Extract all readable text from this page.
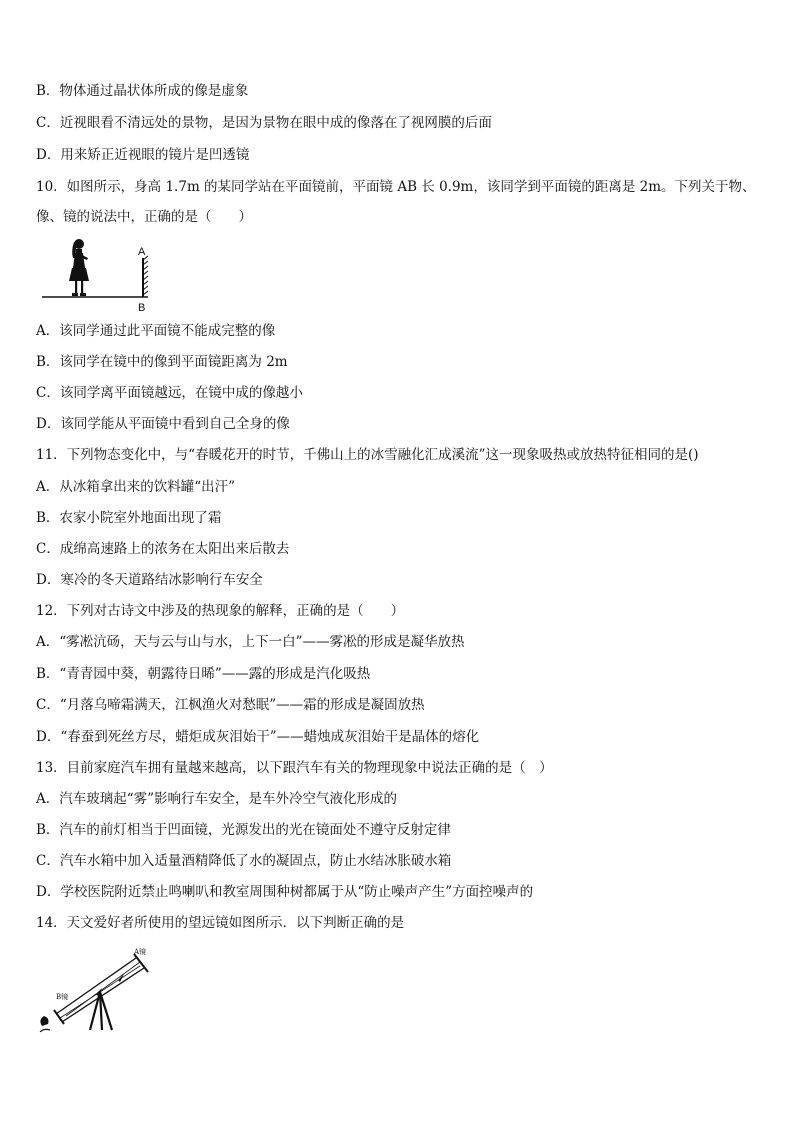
B．物体通过晶状体所成的像是虚象
C．近视眼看不清远处的景物，是因为景物在眼中成的像落在了视网膜的后面
D．用来矫正近视眼的镜片是凹透镜
10．如图所示，身高 1.7m 的某同学站在平面镜前，平面镜 AB 长 0.9m，该同学到平面镜的距离是 2m。下列关于物、
像、镜的说法中，正确的是（　　）
A
B
A．该同学通过此平面镜不能成完整的像
B．该同学在镜中的像到平面镜距离为 2m
C．该同学离平面镜越远，在镜中成的像越小
D．该同学能从平面镜中看到自己全身的像
11．下列物态变化中，与“春暖花开的时节，千佛山上的冰雪融化汇成溪流”这一现象吸热或放热特征相同的是()
A．从冰箱拿出来的饮料罐“出汗”
B．农家小院室外地面出现了霜
C．成绵高速路上的浓务在太阳出来后散去
D．寒冷的冬天道路结冰影响行车安全
12．下列对古诗文中涉及的热现象的解释，正确的是（　　）
A．“雾凇沆砀，天与云与山与水，上下一白”——雾凇的形成是凝华放热
B．“青青园中葵，朝露待日晞”——露的形成是汽化吸热
C．“月落乌啼霜满天，江枫渔火对愁眠”——霜的形成是凝固放热
D．“春蚕到死丝方尽，蜡炬成灰泪始干”——蜡烛成灰泪始干是晶体的熔化
13．目前家庭汽车拥有量越来越高，以下跟汽车有关的物理现象中说法正确的是（　）
A．汽车玻璃起“雾”影响行车安全，是车外冷空气液化形成的
B．汽车的前灯相当于凹面镜，光源发出的光在镜面处不遵守反射定律
C．汽车水箱中加入适量酒精降低了水的凝固点，防止水结冰胀破水箱
D．学校医院附近禁止鸣喇叭和教室周围种树都属于从“防止噪声产生”方面控噪声的
14．天文爱好者所使用的望远镜如图所示．以下判断正确的是
A镜
B镜
